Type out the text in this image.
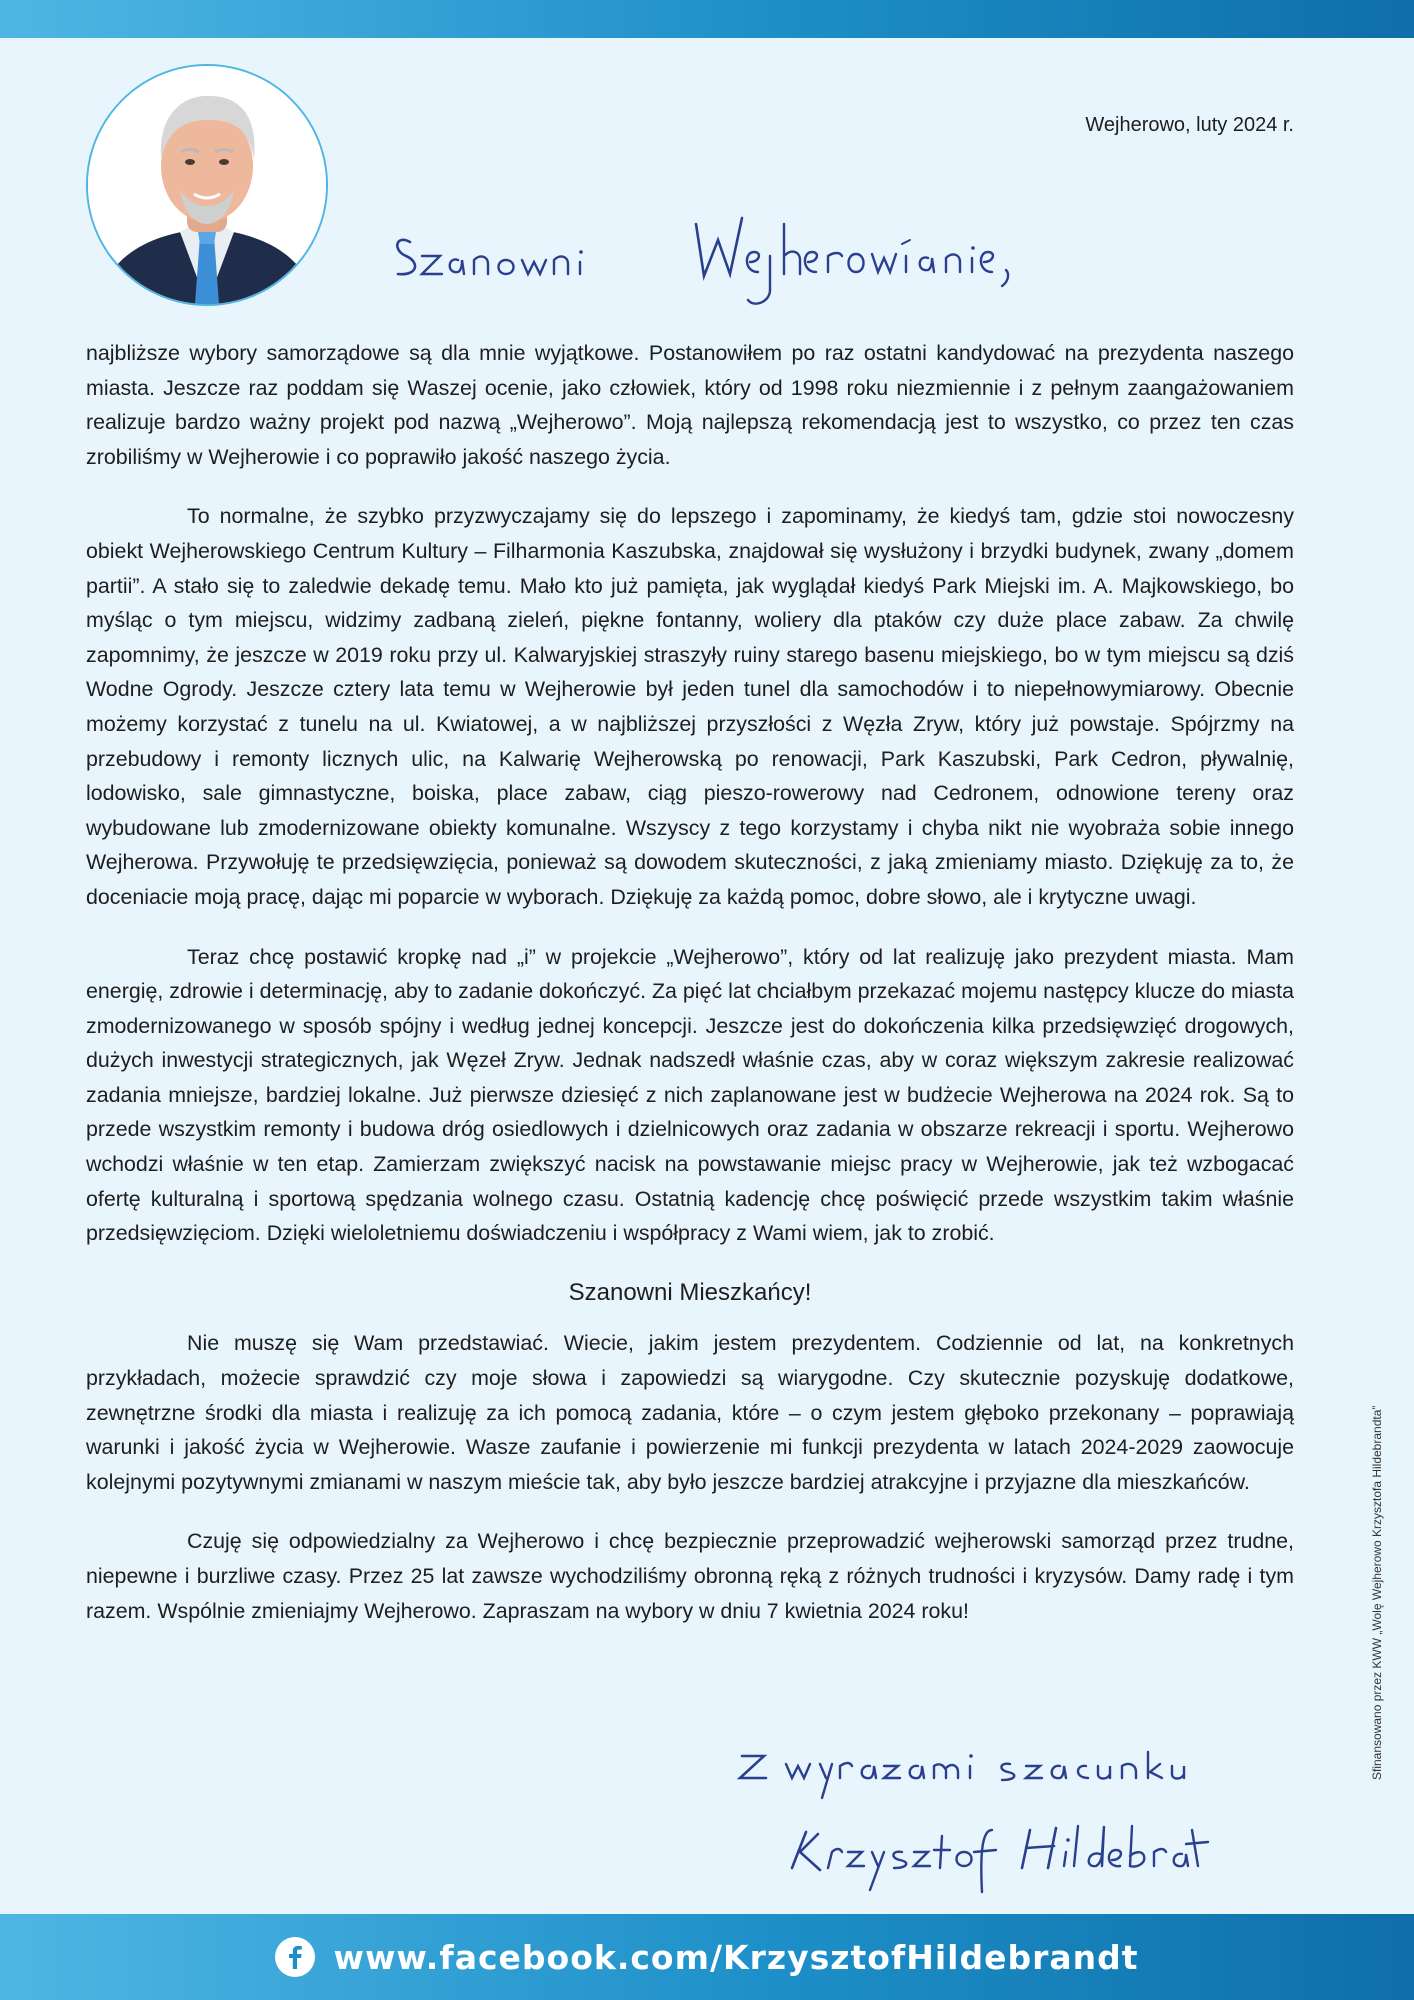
Wejherowo, luty 2024 r.

najbliższe wybory samorządowe są dla mnie wyjątkowe. Postanowiłem po raz ostatni kandydować na prezydenta naszego miasta. Jeszcze raz poddam się Waszej ocenie, jako człowiek, który od 1998 roku niezmiennie i z pełnym zaangażowaniem realizuje bardzo ważny projekt pod nazwą „Wejherowo”. Moją najlepszą rekomendacją jest to wszystko, co przez ten czas zrobiliśmy w Wejherowie i co poprawiło jakość naszego życia.

To normalne, że szybko przyzwyczajamy się do lepszego i zapominamy, że kiedyś tam, gdzie stoi nowoczesny obiekt Wejherowskiego Centrum Kultury – Filharmonia Kaszubska, znajdował się wysłużony i brzydki budynek, zwany „domem partii”. A stało się to zaledwie dekadę temu. Mało kto już pamięta, jak wyglądał kiedyś Park Miejski im. A. Majkowskiego, bo myśląc o tym miejscu, widzimy zadbaną zieleń, piękne fontanny, woliery dla ptaków czy duże place zabaw. Za chwilę zapomnimy, że jeszcze w 2019 roku przy ul. Kalwaryjskiej straszyły ruiny starego basenu miejskiego, bo w tym miejscu są dziś Wodne Ogrody. Jeszcze cztery lata temu w Wejherowie był jeden tunel dla samochodów i to niepełnowymiarowy. Obecnie możemy korzystać z tunelu na ul. Kwiatowej, a w najbliższej przyszłości z Węzła Zryw, który już powstaje. Spójrzmy na przebudowy i remonty licznych ulic, na Kalwarię Wejherowską po renowacji, Park Kaszubski, Park Cedron, pływalnię, lodowisko, sale gimnastyczne, boiska, place zabaw, ciąg pieszo-rowerowy nad Cedronem, odnowione tereny oraz wybudowane lub zmodernizowane obiekty komunalne. Wszyscy z tego korzystamy i chyba nikt nie wyobraża sobie innego Wejherowa. Przywołuję te przedsięwzięcia, ponieważ są dowodem skuteczności, z jaką zmieniamy miasto. Dziękuję za to, że doceniacie moją pracę, dając mi poparcie w wyborach. Dziękuję za każdą pomoc, dobre słowo, ale i krytyczne uwagi.

Teraz chcę postawić kropkę nad „i” w projekcie „Wejherowo”, który od lat realizuję jako prezydent miasta. Mam energię, zdrowie i determinację, aby to zadanie dokończyć. Za pięć lat chciałbym przekazać mojemu następcy klucze do miasta zmodernizowanego w sposób spójny i według jednej koncepcji. Jeszcze jest do dokończenia kilka przedsięwzięć drogowych, dużych inwestycji strategicznych, jak Węzeł Zryw. Jednak nadszedł właśnie czas, aby w coraz większym zakresie realizować zadania mniejsze, bardziej lokalne. Już pierwsze dziesięć z nich zaplanowane jest w budżecie Wejherowa na 2024 rok. Są to przede wszystkim remonty i budowa dróg osiedlowych i dzielnicowych oraz zadania w obszarze rekreacji i sportu. Wejherowo wchodzi właśnie w ten etap. Zamierzam zwiększyć nacisk na powstawanie miejsc pracy w Wejherowie, jak też wzbogacać ofertę kulturalną i sportową spędzania wolnego czasu. Ostatnią kadencję chcę poświęcić przede wszystkim takim właśnie przedsięwzięciom. Dzięki wieloletniemu doświadczeniu i współpracy z Wami wiem, jak to zrobić.

Szanowni Mieszkańcy!

Nie muszę się Wam przedstawiać. Wiecie, jakim jestem prezydentem. Codziennie od lat, na konkretnych przykładach, możecie sprawdzić czy moje słowa i zapowiedzi są wiarygodne. Czy skutecznie pozyskuję dodatkowe, zewnętrzne środki dla miasta i realizuję za ich pomocą zadania, które – o czym jestem głęboko przekonany – poprawiają warunki i jakość życia w Wejherowie. Wasze zaufanie i powierzenie mi funkcji prezydenta w latach 2024-2029 zaowocuje kolejnymi pozytywnymi zmianami w naszym mieście tak, aby było jeszcze bardziej atrakcyjne i przyjazne dla mieszkańców.

Czuję się odpowiedzialny za Wejherowo i chcę bezpiecznie przeprowadzić wejherowski samorząd przez trudne, niepewne i burzliwe czasy. Przez 25 lat zawsze wychodziliśmy obronną ręką z różnych trudności i kryzysów. Damy radę i tym razem. Wspólnie zmieniajmy Wejherowo. Zapraszam na wybory w dniu 7 kwietnia 2024 roku!	Sfinansowano przez KWW „Wolę Wejherowo Krzysztofa Hildebrandta”
www.facebook.com/KrzysztofHildebrandt
